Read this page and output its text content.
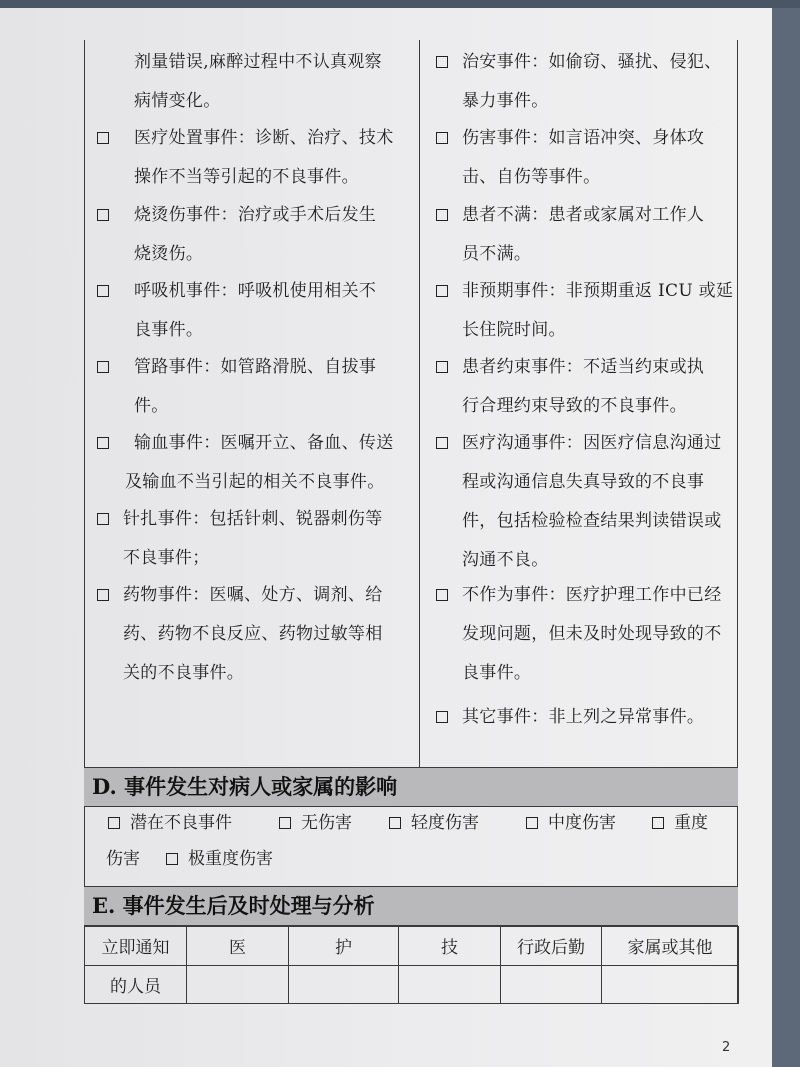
剂量错误,麻醉过程中不认真观察
病情变化。
医疗处置事件：诊断、治疗、技术
操作不当等引起的不良事件。
烧烫伤事件：治疗或手术后发生
烧烫伤。
呼吸机事件：呼吸机使用相关不
良事件。
管路事件：如管路滑脱、自拔事
件。
输血事件：医嘱开立、备血、传送
及输血不当引起的相关不良事件。
针扎事件：包括针刺、锐器刺伤等
不良事件；
药物事件：医嘱、处方、调剂、给
药、药物不良反应、药物过敏等相
关的不良事件。
治安事件：如偷窃、骚扰、侵犯、
暴力事件。
伤害事件：如言语冲突、身体攻
击、自伤等事件。
患者不满：患者或家属对工作人
员不满。
非预期事件：非预期重返 ICU 或延
长住院时间。
患者约束事件：不适当约束或执
行合理约束导致的不良事件。
医疗沟通事件：因医疗信息沟通过
程或沟通信息失真导致的不良事
件，包括检验检查结果判读错误或
沟通不良。
不作为事件：医疗护理工作中已经
发现问题，但未及时处现导致的不
良事件。
其它事件：非上列之异常事件。
D. 事件发生对病人或家属的影响
潜在不良事件	无伤害	轻度伤害	中度伤害	重度
伤害	极重度伤害
E. 事件发生后及时处理与分析
立即通知	医	护	技	行政后勤	家属或其他
的人员					
2
